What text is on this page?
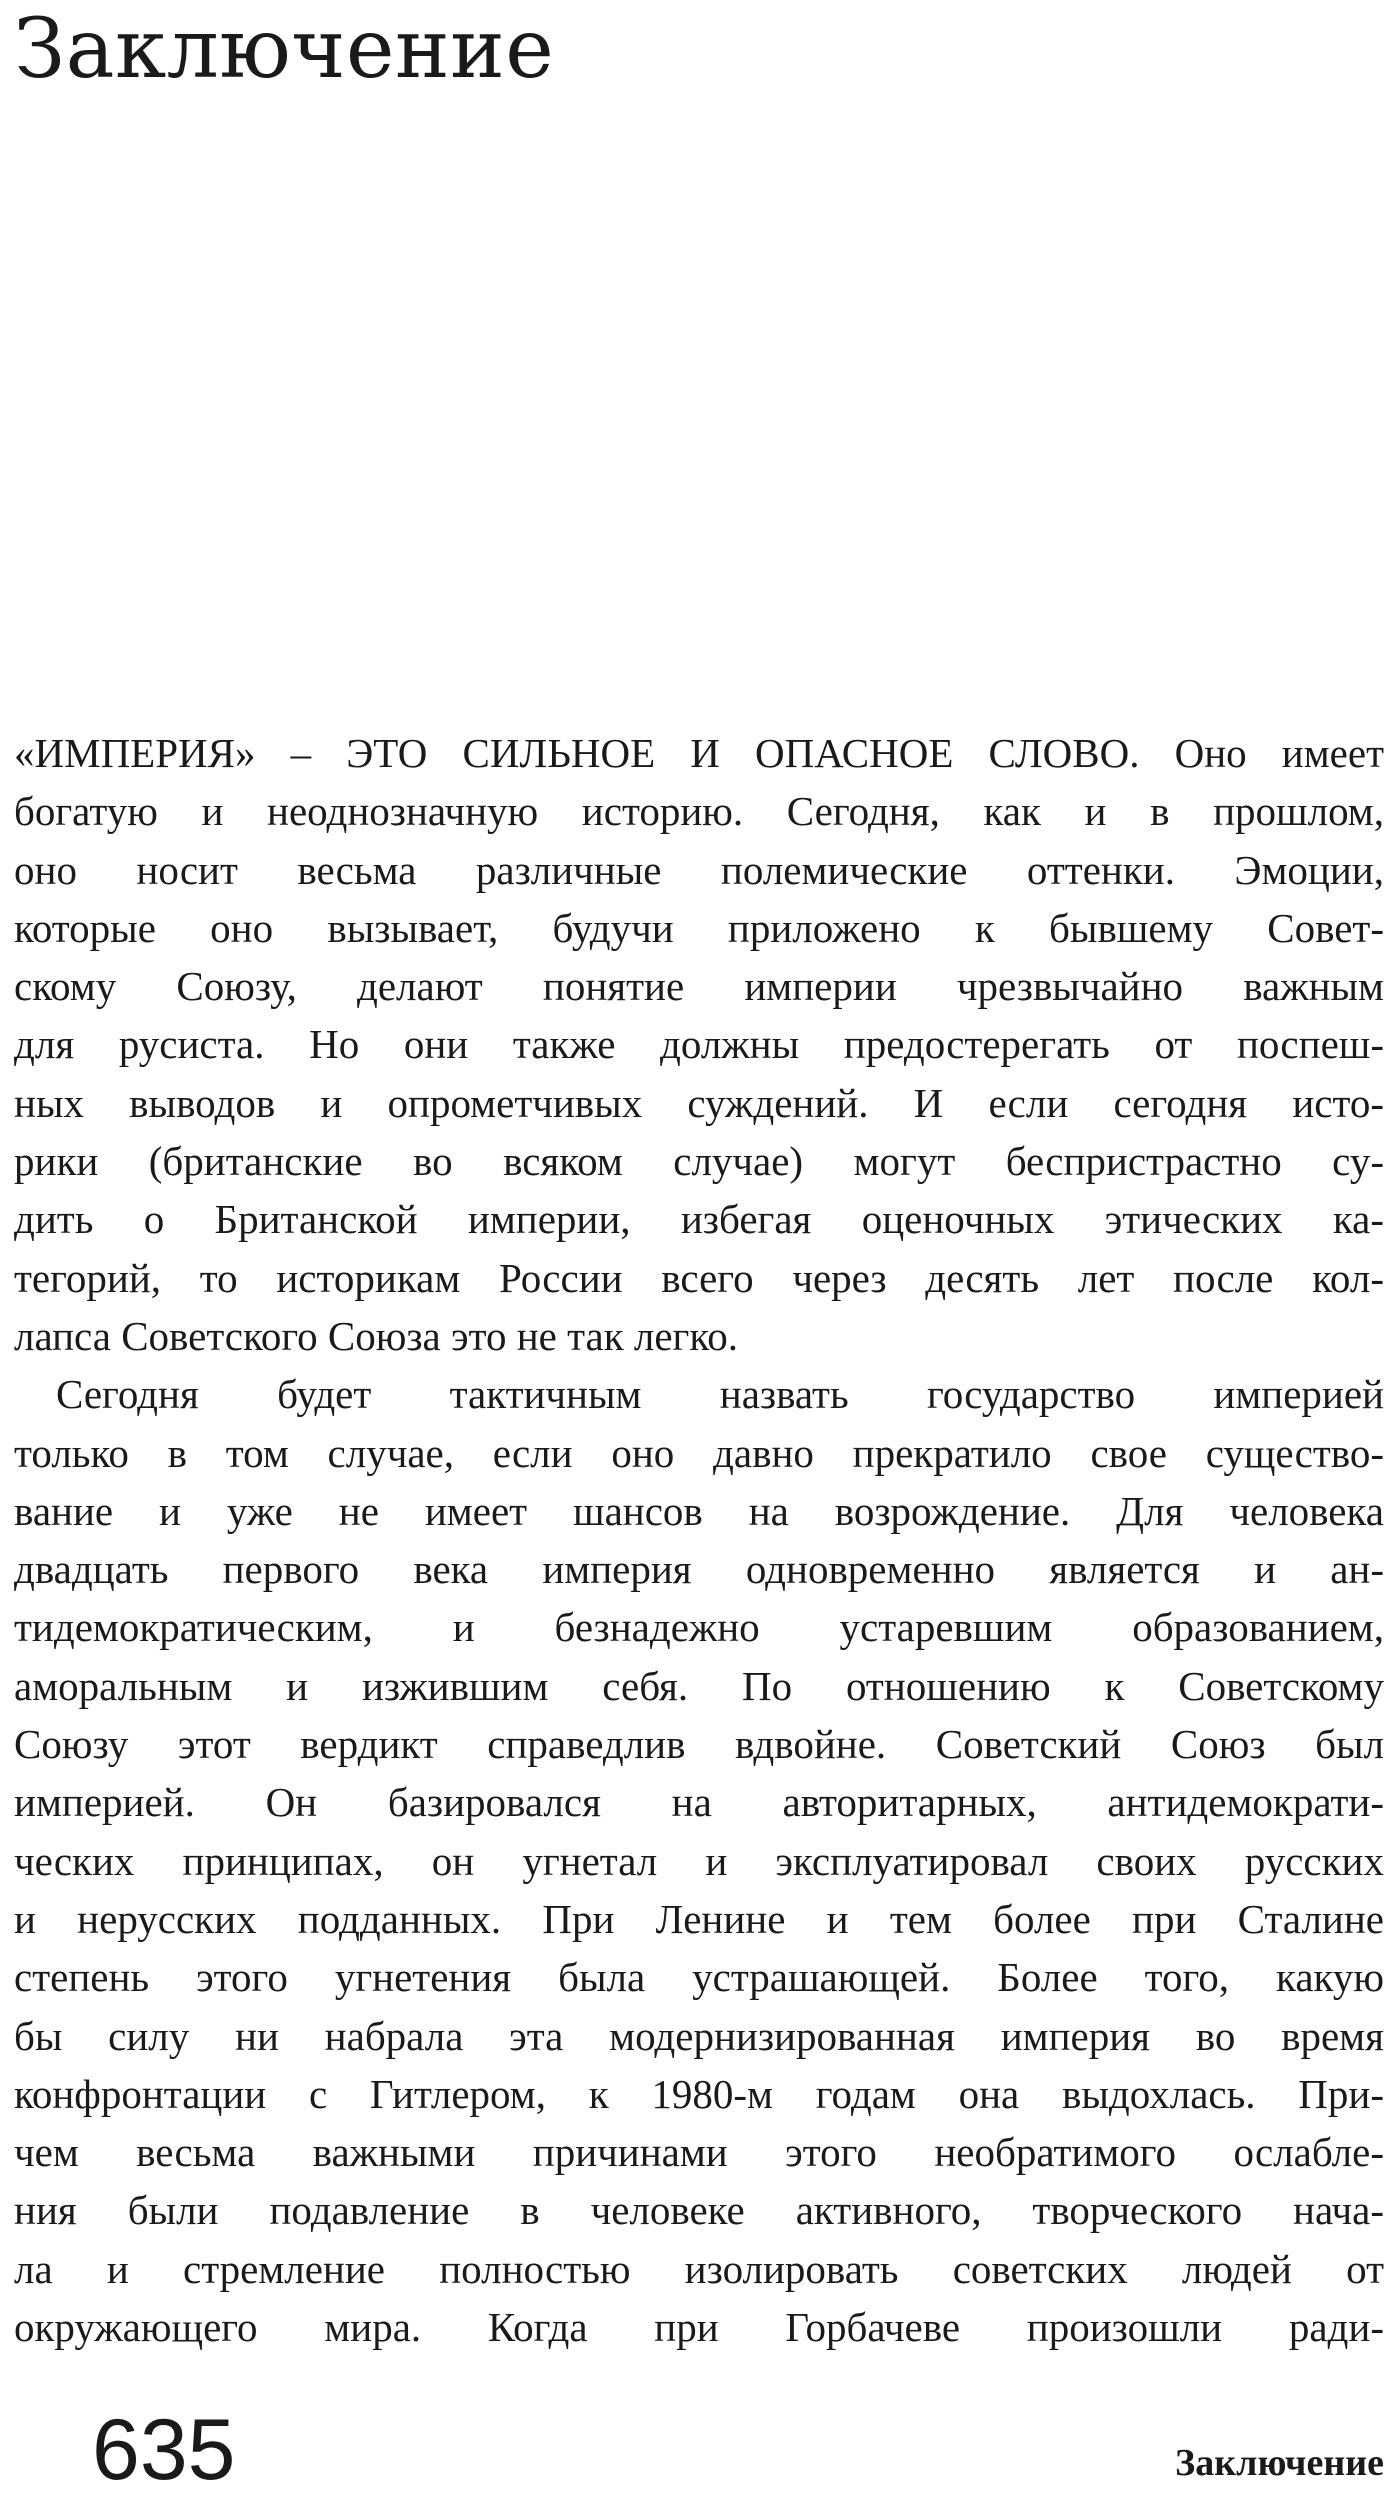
Заключение
«ИМПЕРИЯ» – ЭТО СИЛЬНОЕ И ОПАСНОЕ СЛОВО. Оно имеет
богатую и неоднозначную историю. Сегодня, как и в прошлом,
оно носит весьма различные полемические оттенки. Эмоции,
которые оно вызывает, будучи приложено к бывшему Совет-
скому Союзу, делают понятие империи чрезвычайно важным
для русиста. Но они также должны предостерегать от поспеш-
ных выводов и опрометчивых суждений. И если сегодня исто-
рики (британские во всяком случае) могут беспристрастно су-
дить о Британской империи, избегая оценочных этических ка-
тегорий, то историкам России всего через десять лет после кол-
лапса Советского Союза это не так легко.
Сегодня будет тактичным назвать государство империей
только в том случае, если оно давно прекратило свое существо-
вание и уже не имеет шансов на возрождение. Для человека
двадцать первого века империя одновременно является и ан-
тидемократическим, и безнадежно устаревшим образованием,
аморальным и изжившим себя. По отношению к Советскому
Союзу этот вердикт справедлив вдвойне. Советский Союз был
империей. Он базировался на авторитарных, антидемократи-
ческих принципах, он угнетал и эксплуатировал своих русских
и нерусских подданных. При Ленине и тем более при Сталине
степень этого угнетения была устрашающей. Более того, какую
бы силу ни набрала эта модернизированная империя во время
конфронтации с Гитлером, к 1980-м годам она выдохлась. При-
чем весьма важными причинами этого необратимого ослабле-
ния были подавление в человеке активного, творческого нача-
ла и стремление полностью изолировать советских людей от
окружающего мира. Когда при Горбачеве произошли ради-
635	Заключение
